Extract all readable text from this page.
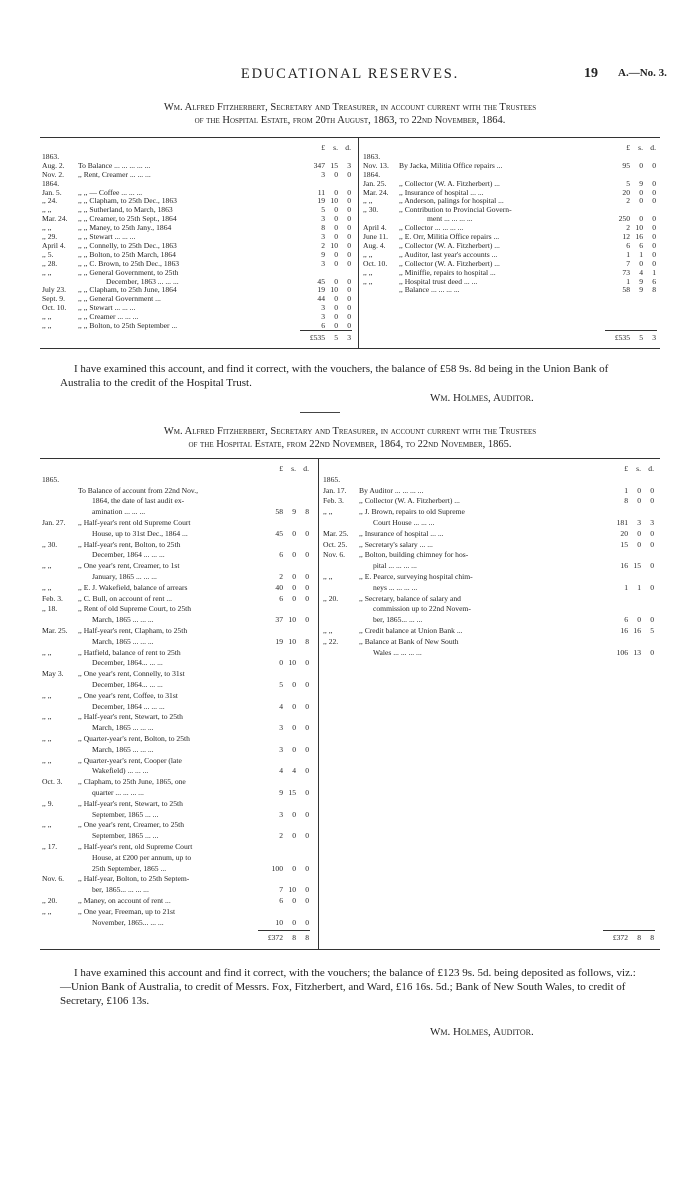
EDUCATIONAL RESERVES.	19 A.—No. 3.
Wm. Alfred Fitzherbert, Secretary and Treasurer, in account current with the Trustees
of the Hospital Estate, from 20th August, 1863, to 22nd November, 1864.
£	s. d.
1863.
Aug. 2.	To Balance ... ... ... ... ...	347 15	3
Nov. 2.	,, Rent, Creamer ... ... ...	3	0	0
1864.
Jan. 5.	,, ,, — Coffee ... ... ...	11	0	0
,, 24.	,, ,, Clapham, to 25th Dec., 1863	19 10	0
,, ,,	,, ,, Sutherland, to March, 1863	5	0	0
Mar. 24.	,, ,, Creamer, to 25th Sept., 1864	3	0	0
,, ,,	,, ,, Maney, to 25th Jany., 1864	8	0	0
,, 29.	,, ,, Stewart ... ... ...	3	0	0
April 4.	,, ,, Connelly, to 25th Dec., 1863	2 10	0
,, 5.	,, ,, Bolton, to 25th March, 1864	9	0	0
,, 28.	,, ,, C. Brown, to 25th Dec., 1863	3	0	0
,, ,,	,, ,, General Government, to 25th
December, 1863 ... ... ...	45	0	0
July 23.	,, ,, Clapham, to 25th June, 1864	19 10	0
Sept. 9.	,, ,, General Government ...	44	0	0
Oct. 10.	,, ,, Stewart ... ... ...	3	0	0
,, ,,	,, ,, Creamer ... ... ...	3	0	0
,, ,,	,, ,, Bolton, to 25th September ...	6	0	0
£535	5	3
£	s. d.
1863.
Nov. 13.	By Jacka, Militia Office repairs ...	95	0	0
1864.
Jan. 25.	,, Collector (W. A. Fitzherbert) ...	5	9	0
Mar. 24.	,, Insurance of hospital ... ...	20	0	0
,, ,,	,, Anderson, palings for hospital ...	2	0	0
,, 30.	,, Contribution to Provincial Govern-
ment ... ... ... ...	250	0	0
April 4.	,, Collector ... ... ... ...	2 10	0
June 11.	,, E. Orr, Militia Office repairs ...	12 16	0
Aug. 4.	,, Collector (W. A. Fitzherbert) ...	6	6	0
,, ,,	,, Auditor, last year's accounts ...	1	1	0
Oct. 10.	,, Collector (W. A. Fitzherbert) ...	7	0	0
,, ,,	,, Miniffie, repairs to hospital ...	73	4	1
,, ,,	,, Hospital trust deed ... ...	1	9	6
,, Balance ... ... ... ...	58	9	8
£535	5	3
I have examined this account, and find it correct, with the vouchers, the balance of £58 9s. 8d being in the Union Bank of Australia to the credit of the Hospital Trust.
Wm. Holmes, Auditor.
Wm. Alfred Fitzherbert, Secretary and Treasurer, in account current with the Trustees
of the Hospital Estate, from 22nd November, 1864, to 22nd November, 1865.
£	s. d.
1865.
To Balance of account from 22nd Nov.,
1864, the date of last audit ex-
amination ... ... ...	58	9	8
Jan. 27.	,, Half-year's rent old Supreme Court
House, up to 31st Dec., 1864 ...	45	0	0
,, 30.	,, Half-year's rent, Bolton, to 25th
December, 1864 ... ... ...	6	0	0
,, ,,	,, One year's rent, Creamer, to 1st
January, 1865 ... ... ...	2	0	0
,, ,,	,, E. J. Wakefield, balance of arrears	40	0	0
Feb. 3.	,, C. Bull, on account of rent ...	6	0	0
,, 18.	,, Rent of old Supreme Court, to 25th
March, 1865 ... ... ...	37 10	0
Mar. 25.	,, Half-year's rent, Clapham, to 25th
March, 1865 ... ... ...	19 10	8
,, ,,	,, Hatfield, balance of rent to 25th
December, 1864... ... ...	0 10	0
May 3.	,, One year's rent, Connelly, to 31st
December, 1864... ... ...	5	0	0
,, ,,	,, One year's rent, Coffee, to 31st
December, 1864 ... ... ...	4	0	0
,, ,,	,, Half-year's rent, Stewart, to 25th
March, 1865 ... ... ...	3	0	0
,, ,,	,, Quarter-year's rent, Bolton, to 25th
March, 1865 ... ... ...	3	0	0
,, ,,	,, Quarter-year's rent, Cooper (late
Wakefield) ... ... ...	4	4	0
Oct. 3.	,, Clapham, to 25th June, 1865, one
quarter ... ... ... ...	9 15	0
,, 9.	,, Half-year's rent, Stewart, to 25th
September, 1865 ... ...	3	0	0
,, ,,	,, One year's rent, Creamer, to 25th
September, 1865 ... ...	2	0	0
,, 17.	,, Half-year's rent, old Supreme Court
House, at £200 per annum, up to
25th September, 1865 ...	100	0	0
Nov. 6.	,, Half-year, Bolton, to 25th Septem-
ber, 1865... ... ... ...	7 10	0
,, 20.	,, Maney, on account of rent ...	6	0	0
,, ,,	,, One year, Freeman, up to 21st
November, 1865... ... ...	10	0	0
£372	8	8
£	s. d.
1865.
Jan. 17.	By Auditor ... ... ... ...	1	0	0
Feb. 3.	,, Collector (W. A. Fitzherbert) ...	8	0	0
,, ,,	,, J. Brown, repairs to old Supreme
Court House ... ... ...	181	3	3
Mar. 25.	,, Insurance of hospital ... ...	20	0	0
Oct. 25.	,, Secretary's salary ... ...	15	0	0
Nov. 6.	,, Bolton, building chimney for hos-
pital ... ... ... ...	16 15	0
,, ,,	,, E. Pearce, surveying hospital chim-
neys ... ... ... ...	1	1	0
,, 20.	,, Secretary, balance of salary and
commission up to 22nd Novem-
ber, 1865... ... ...	6	0	0
,, ,,	,, Credit balance at Union Bank ...	16 16	5
,, 22.	,, Balance at Bank of New South
Wales ... ... ... ...	106 13	0
£372	8	8
I have examined this account and find it correct, with the vouchers; the balance of £123 9s. 5d. being deposited as follows, viz.:—Union Bank of Australia, to credit of Messrs. Fox, Fitzherbert, and Ward, £16 16s. 5d.; Bank of New South Wales, to credit of Secretary, £106 13s.
Wm. Holmes, Auditor.
